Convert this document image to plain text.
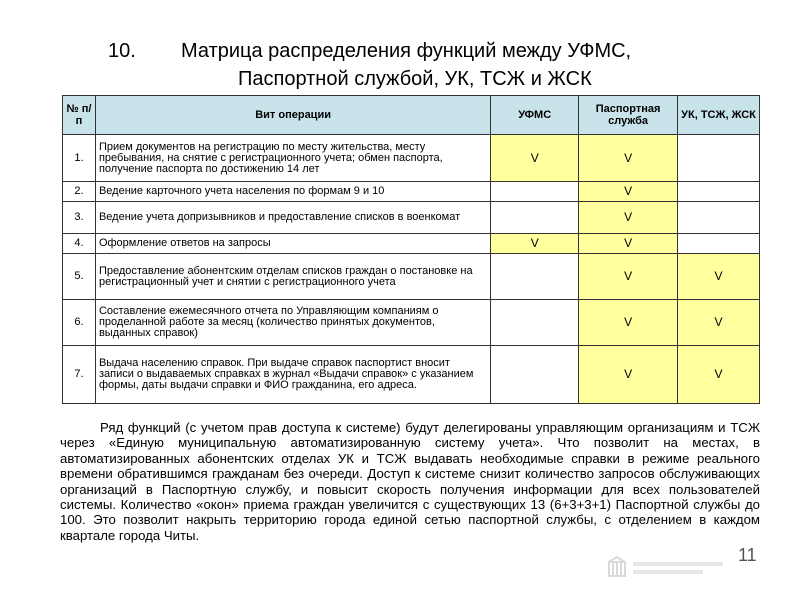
10. Матрица распределения функций между УФМС,
Паспортной службой, УК, ТСЖ и ЖСК
№ п/п	Вит операции	УФМС	Паспортная служба	УК, ТСЖ, ЖСК
1.	Прием документов на регистрацию по месту жительства, месту пребывания, на снятие с регистрационного учета; обмен паспорта, получение паспорта по достижению 14 лет	V	V	
2.	Ведение карточного учета населения по формам 9 и 10		V	
3.	Ведение учета допризывников и предоставление списков в военкомат		V	
4.	Оформление ответов на запросы	V	V	
5.	Предоставление абонентским отделам списков граждан о постановке на регистрационный учет и снятии с регистрационного учета		V	V
6.	Составление ежемесячного отчета по Управляющим компаниям о проделанной работе за месяц (количество принятых документов, выданных справок)		V	V
7.	Выдача населению справок. При выдаче справок паспортист вносит записи о выдаваемых справках в журнал «Выдачи справок» с указанием формы, даты выдачи справки и ФИО гражданина, его адреса.		V	V
Ряд функций (с учетом прав доступа к системе) будут делегированы управляющим организациям и ТСЖ через «Единую муниципальную автоматизированную систему учета». Что позволит на местах, в автоматизированных абонентских отделах УК и ТСЖ выдавать необходимые справки в режиме реального времени обратившимся гражданам без очереди. Доступ к системе снизит количество запросов обслуживающих организаций в Паспортную службу, и повысит скорость получения информации для всех пользователей системы. Количество «окон» приема граждан увеличится с существующих 13 (6+3+3+1) Паспортной службы до 100. Это позволит накрыть территорию города единой сетью паспортной службы, с отделением в каждом квартале города Читы.
11
